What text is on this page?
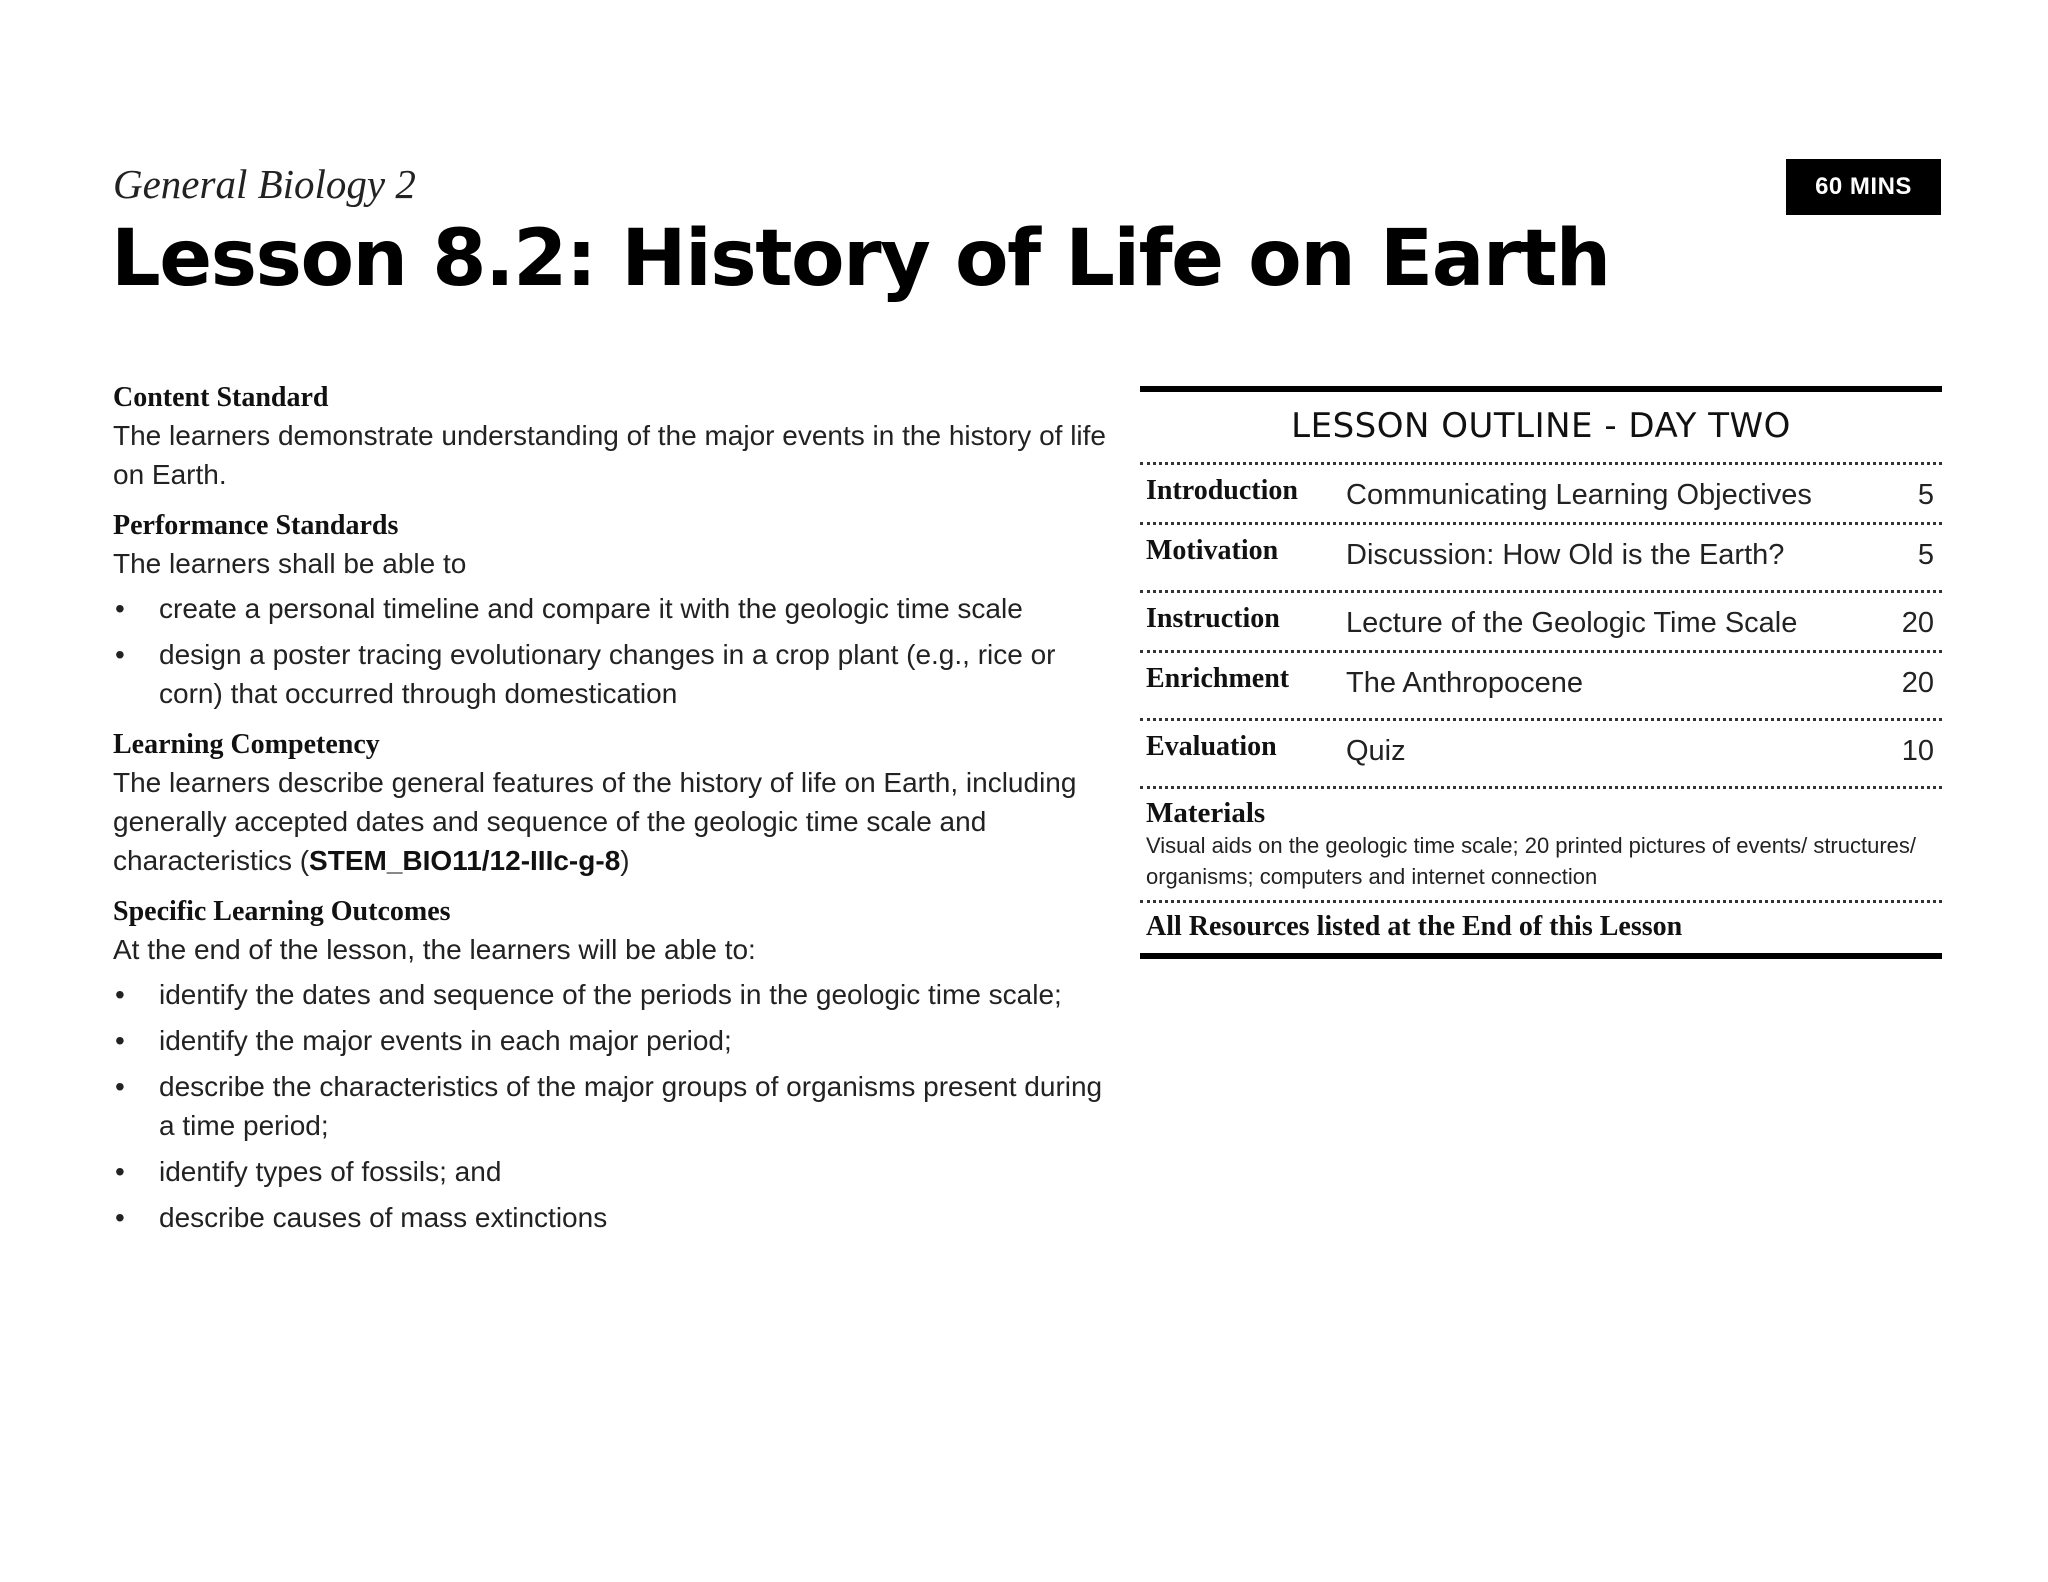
General Biology 2	60 MINS
Lesson 8.2: History of Life on Earth

Content Standard

The learners demonstrate understanding of the major events in the history of life on Earth.

Performance Standards

The learners shall be able to

• create a personal timeline and compare it with the geologic time scale
• design a poster tracing evolutionary changes in a crop plant (e.g., rice or corn) that occurred through domestication

Learning Competency

The learners describe general features of the history of life on Earth, including generally accepted dates and sequence of the geologic time scale and characteristics (STEM_BIO11/12-IIIc-g-8)

Specific Learning Outcomes

At the end of the lesson, the learners will be able to:

• identify the dates and sequence of the periods in the geologic time scale;
• identify the major events in each major period;
• describe the characteristics of the major groups of organisms present during a time period;
• identify types of fossils; and
• describe causes of mass extinctions
LESSON OUTLINE - DAY TWO
Introduction	Communicating Learning Objectives	5
Motivation	Discussion: How Old is the Earth?	5
Instruction	Lecture of the Geologic Time Scale	20
Enrichment	The Anthropocene	20
Evaluation	Quiz	10
Materials
Visual aids on the geologic time scale; 20 printed pictures of events/ structures/ organisms; computers and internet connection
All Resources listed at the End of this Lesson
